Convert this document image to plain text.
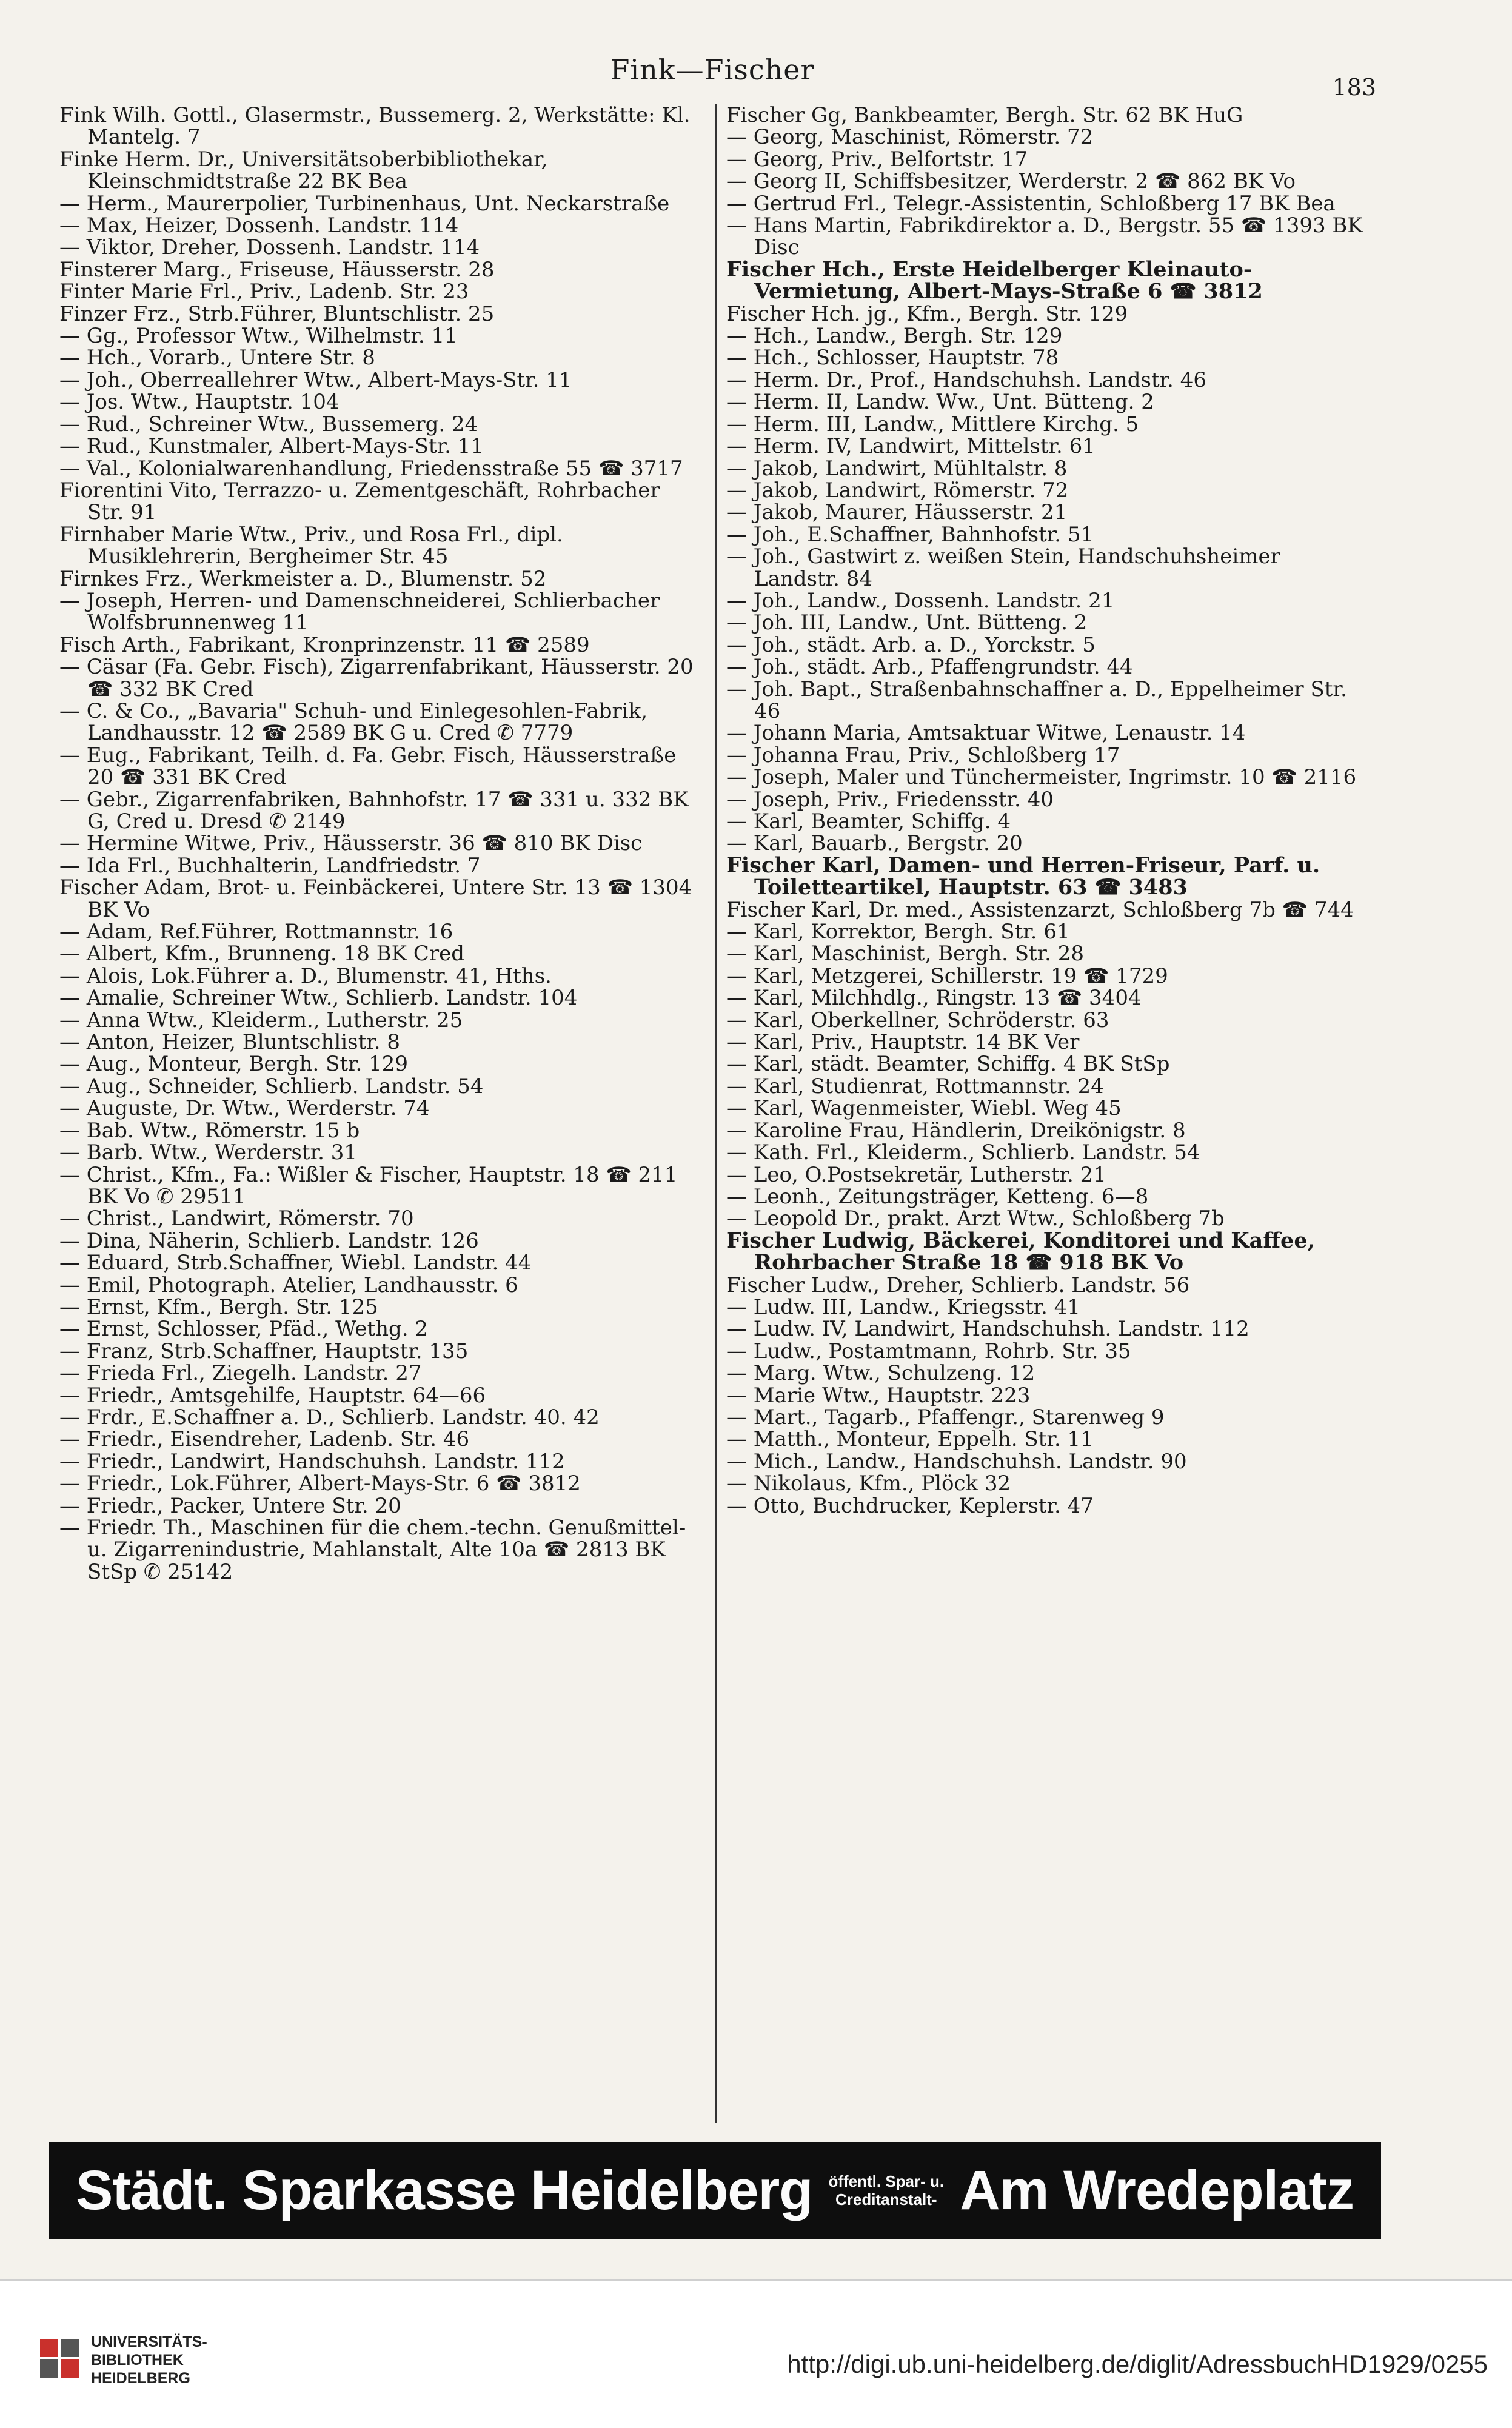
Fink—Fischer
183
Fink Wilh. Gottl., Glasermstr., Bussemerg. 2, Werkstätte: Kl. Mantelg. 7
Finke Herm. Dr., Universitätsoberbibliothekar, Kleinschmidtstraße 22 BK Bea
— Herm., Maurerpolier, Turbinenhaus, Unt. Neckarstraße
— Max, Heizer, Dossenh. Landstr. 114
— Viktor, Dreher, Dossenh. Landstr. 114
Finsterer Marg., Friseuse, Häusserstr. 28
Finter Marie Frl., Priv., Ladenb. Str. 23
Finzer Frz., Strb.Führer, Bluntschlistr. 25
— Gg., Professor Wtw., Wilhelmstr. 11
— Hch., Vorarb., Untere Str. 8
— Joh., Oberreallehrer Wtw., Albert-Mays-Str. 11
— Jos. Wtw., Hauptstr. 104
— Rud., Schreiner Wtw., Bussemerg. 24
— Rud., Kunstmaler, Albert-Mays-Str. 11
— Val., Kolonialwarenhandlung, Friedensstraße 55 ☎ 3717
Fiorentini Vito, Terrazzo- u. Zementgeschäft, Rohrbacher Str. 91
Firnhaber Marie Wtw., Priv., und Rosa Frl., dipl. Musiklehrerin, Bergheimer Str. 45
Firnkes Frz., Werkmeister a. D., Blumenstr. 52
— Joseph, Herren- und Damenschneiderei, Schlierbacher Wolfsbrunnenweg 11
Fisch Arth., Fabrikant, Kronprinzenstr. 11 ☎ 2589
— Cäsar (Fa. Gebr. Fisch), Zigarrenfabrikant, Häusserstr. 20 ☎ 332 BK Cred
— C. & Co., „Bavaria" Schuh- und Einlegesohlen-Fabrik, Landhausstr. 12 ☎ 2589 BK G u. Cred ✆ 7779
— Eug., Fabrikant, Teilh. d. Fa. Gebr. Fisch, Häusserstraße 20 ☎ 331 BK Cred
— Gebr., Zigarrenfabriken, Bahnhofstr. 17 ☎ 331 u. 332 BK G, Cred u. Dresd ✆ 2149
— Hermine Witwe, Priv., Häusserstr. 36 ☎ 810 BK Disc
— Ida Frl., Buchhalterin, Landfriedstr. 7
Fischer Adam, Brot- u. Feinbäckerei, Untere Str. 13 ☎ 1304 BK Vo
— Adam, Ref.Führer, Rottmannstr. 16
— Albert, Kfm., Brunneng. 18 BK Cred
— Alois, Lok.Führer a. D., Blumenstr. 41, Hths.
— Amalie, Schreiner Wtw., Schlierb. Landstr. 104
— Anna Wtw., Kleiderm., Lutherstr. 25
— Anton, Heizer, Bluntschlistr. 8
— Aug., Monteur, Bergh. Str. 129
— Aug., Schneider, Schlierb. Landstr. 54
— Auguste, Dr. Wtw., Werderstr. 74
— Bab. Wtw., Römerstr. 15 b
— Barb. Wtw., Werderstr. 31
— Christ., Kfm., Fa.: Wißler & Fischer, Hauptstr. 18 ☎ 211 BK Vo ✆ 29511
— Christ., Landwirt, Römerstr. 70
— Dina, Näherin, Schlierb. Landstr. 126
— Eduard, Strb.Schaffner, Wiebl. Landstr. 44
— Emil, Photograph. Atelier, Landhausstr. 6
— Ernst, Kfm., Bergh. Str. 125
— Ernst, Schlosser, Pfäd., Wethg. 2
— Franz, Strb.Schaffner, Hauptstr. 135
— Frieda Frl., Ziegelh. Landstr. 27
— Friedr., Amtsgehilfe, Hauptstr. 64—66
— Frdr., E.Schaffner a. D., Schlierb. Landstr. 40. 42
— Friedr., Eisendreher, Ladenb. Str. 46
— Friedr., Landwirt, Handschuhsh. Landstr. 112
— Friedr., Lok.Führer, Albert-Mays-Str. 6 ☎ 3812
— Friedr., Packer, Untere Str. 20
— Friedr. Th., Maschinen für die chem.-techn. Genußmittel- u. Zigarrenindustrie, Mahlanstalt, Alte 10a ☎ 2813 BK StSp ✆ 25142
Fischer Gg, Bankbeamter, Bergh. Str. 62 BK HuG
— Georg, Maschinist, Römerstr. 72
— Georg, Priv., Belfortstr. 17
— Georg II, Schiffsbesitzer, Werderstr. 2 ☎ 862 BK Vo
— Gertrud Frl., Telegr.-Assistentin, Schloßberg 17 BK Bea
— Hans Martin, Fabrikdirektor a. D., Bergstr. 55 ☎ 1393 BK Disc
Fischer Hch., Erste Heidelberger Kleinauto-Vermietung, Albert-Mays-Straße 6 ☎ 3812
Fischer Hch. jg., Kfm., Bergh. Str. 129
— Hch., Landw., Bergh. Str. 129
— Hch., Schlosser, Hauptstr. 78
— Herm. Dr., Prof., Handschuhsh. Landstr. 46
— Herm. II, Landw. Ww., Unt. Bütteng. 2
— Herm. III, Landw., Mittlere Kirchg. 5
— Herm. IV, Landwirt, Mittelstr. 61
— Jakob, Landwirt, Mühltalstr. 8
— Jakob, Landwirt, Römerstr. 72
— Jakob, Maurer, Häusserstr. 21
— Joh., E.Schaffner, Bahnhofstr. 51
— Joh., Gastwirt z. weißen Stein, Handschuhsheimer Landstr. 84
— Joh., Landw., Dossenh. Landstr. 21
— Joh. III, Landw., Unt. Bütteng. 2
— Joh., städt. Arb. a. D., Yorckstr. 5
— Joh., städt. Arb., Pfaffengrundstr. 44
— Joh. Bapt., Straßenbahnschaffner a. D., Eppelheimer Str. 46
— Johann Maria, Amtsaktuar Witwe, Lenaustr. 14
— Johanna Frau, Priv., Schloßberg 17
— Joseph, Maler und Tünchermeister, Ingrimstr. 10 ☎ 2116
— Joseph, Priv., Friedensstr. 40
— Karl, Beamter, Schiffg. 4
— Karl, Bauarb., Bergstr. 20
Fischer Karl, Damen- und Herren-Friseur, Parf. u. Toiletteartikel, Hauptstr. 63 ☎ 3483
Fischer Karl, Dr. med., Assistenzarzt, Schloßberg 7b ☎ 744
— Karl, Korrektor, Bergh. Str. 61
— Karl, Maschinist, Bergh. Str. 28
— Karl, Metzgerei, Schillerstr. 19 ☎ 1729
— Karl, Milchhdlg., Ringstr. 13 ☎ 3404
— Karl, Oberkellner, Schröderstr. 63
— Karl, Priv., Hauptstr. 14 BK Ver
— Karl, städt. Beamter, Schiffg. 4 BK StSp
— Karl, Studienrat, Rottmannstr. 24
— Karl, Wagenmeister, Wiebl. Weg 45
— Karoline Frau, Händlerin, Dreikönigstr. 8
— Kath. Frl., Kleiderm., Schlierb. Landstr. 54
— Leo, O.Postsekretär, Lutherstr. 21
— Leonh., Zeitungsträger, Ketteng. 6—8
— Leopold Dr., prakt. Arzt Wtw., Schloßberg 7b
Fischer Ludwig, Bäckerei, Konditorei und Kaffee, Rohrbacher Straße 18 ☎ 918 BK Vo
Fischer Ludw., Dreher, Schlierb. Landstr. 56
— Ludw. III, Landw., Kriegsstr. 41
— Ludw. IV, Landwirt, Handschuhsh. Landstr. 112
— Ludw., Postamtmann, Rohrb. Str. 35
— Marg. Wtw., Schulzeng. 12
— Marie Wtw., Hauptstr. 223
— Mart., Tagarb., Pfaffengr., Starenweg 9
— Matth., Monteur, Eppelh. Str. 11
— Mich., Landw., Handschuhsh. Landstr. 90
— Nikolaus, Kfm., Plöck 32
— Otto, Buchdrucker, Keplerstr. 47
Städt. Sparkasse Heidelberg öffentl. Spar- u.
Creditanstalt- Am Wredeplatz
UNIVERSITÄTS-
BIBLIOTHEK
HEIDELBERG	http://digi.ub.uni-heidelberg.de/diglit/AdressbuchHD1929/0255
